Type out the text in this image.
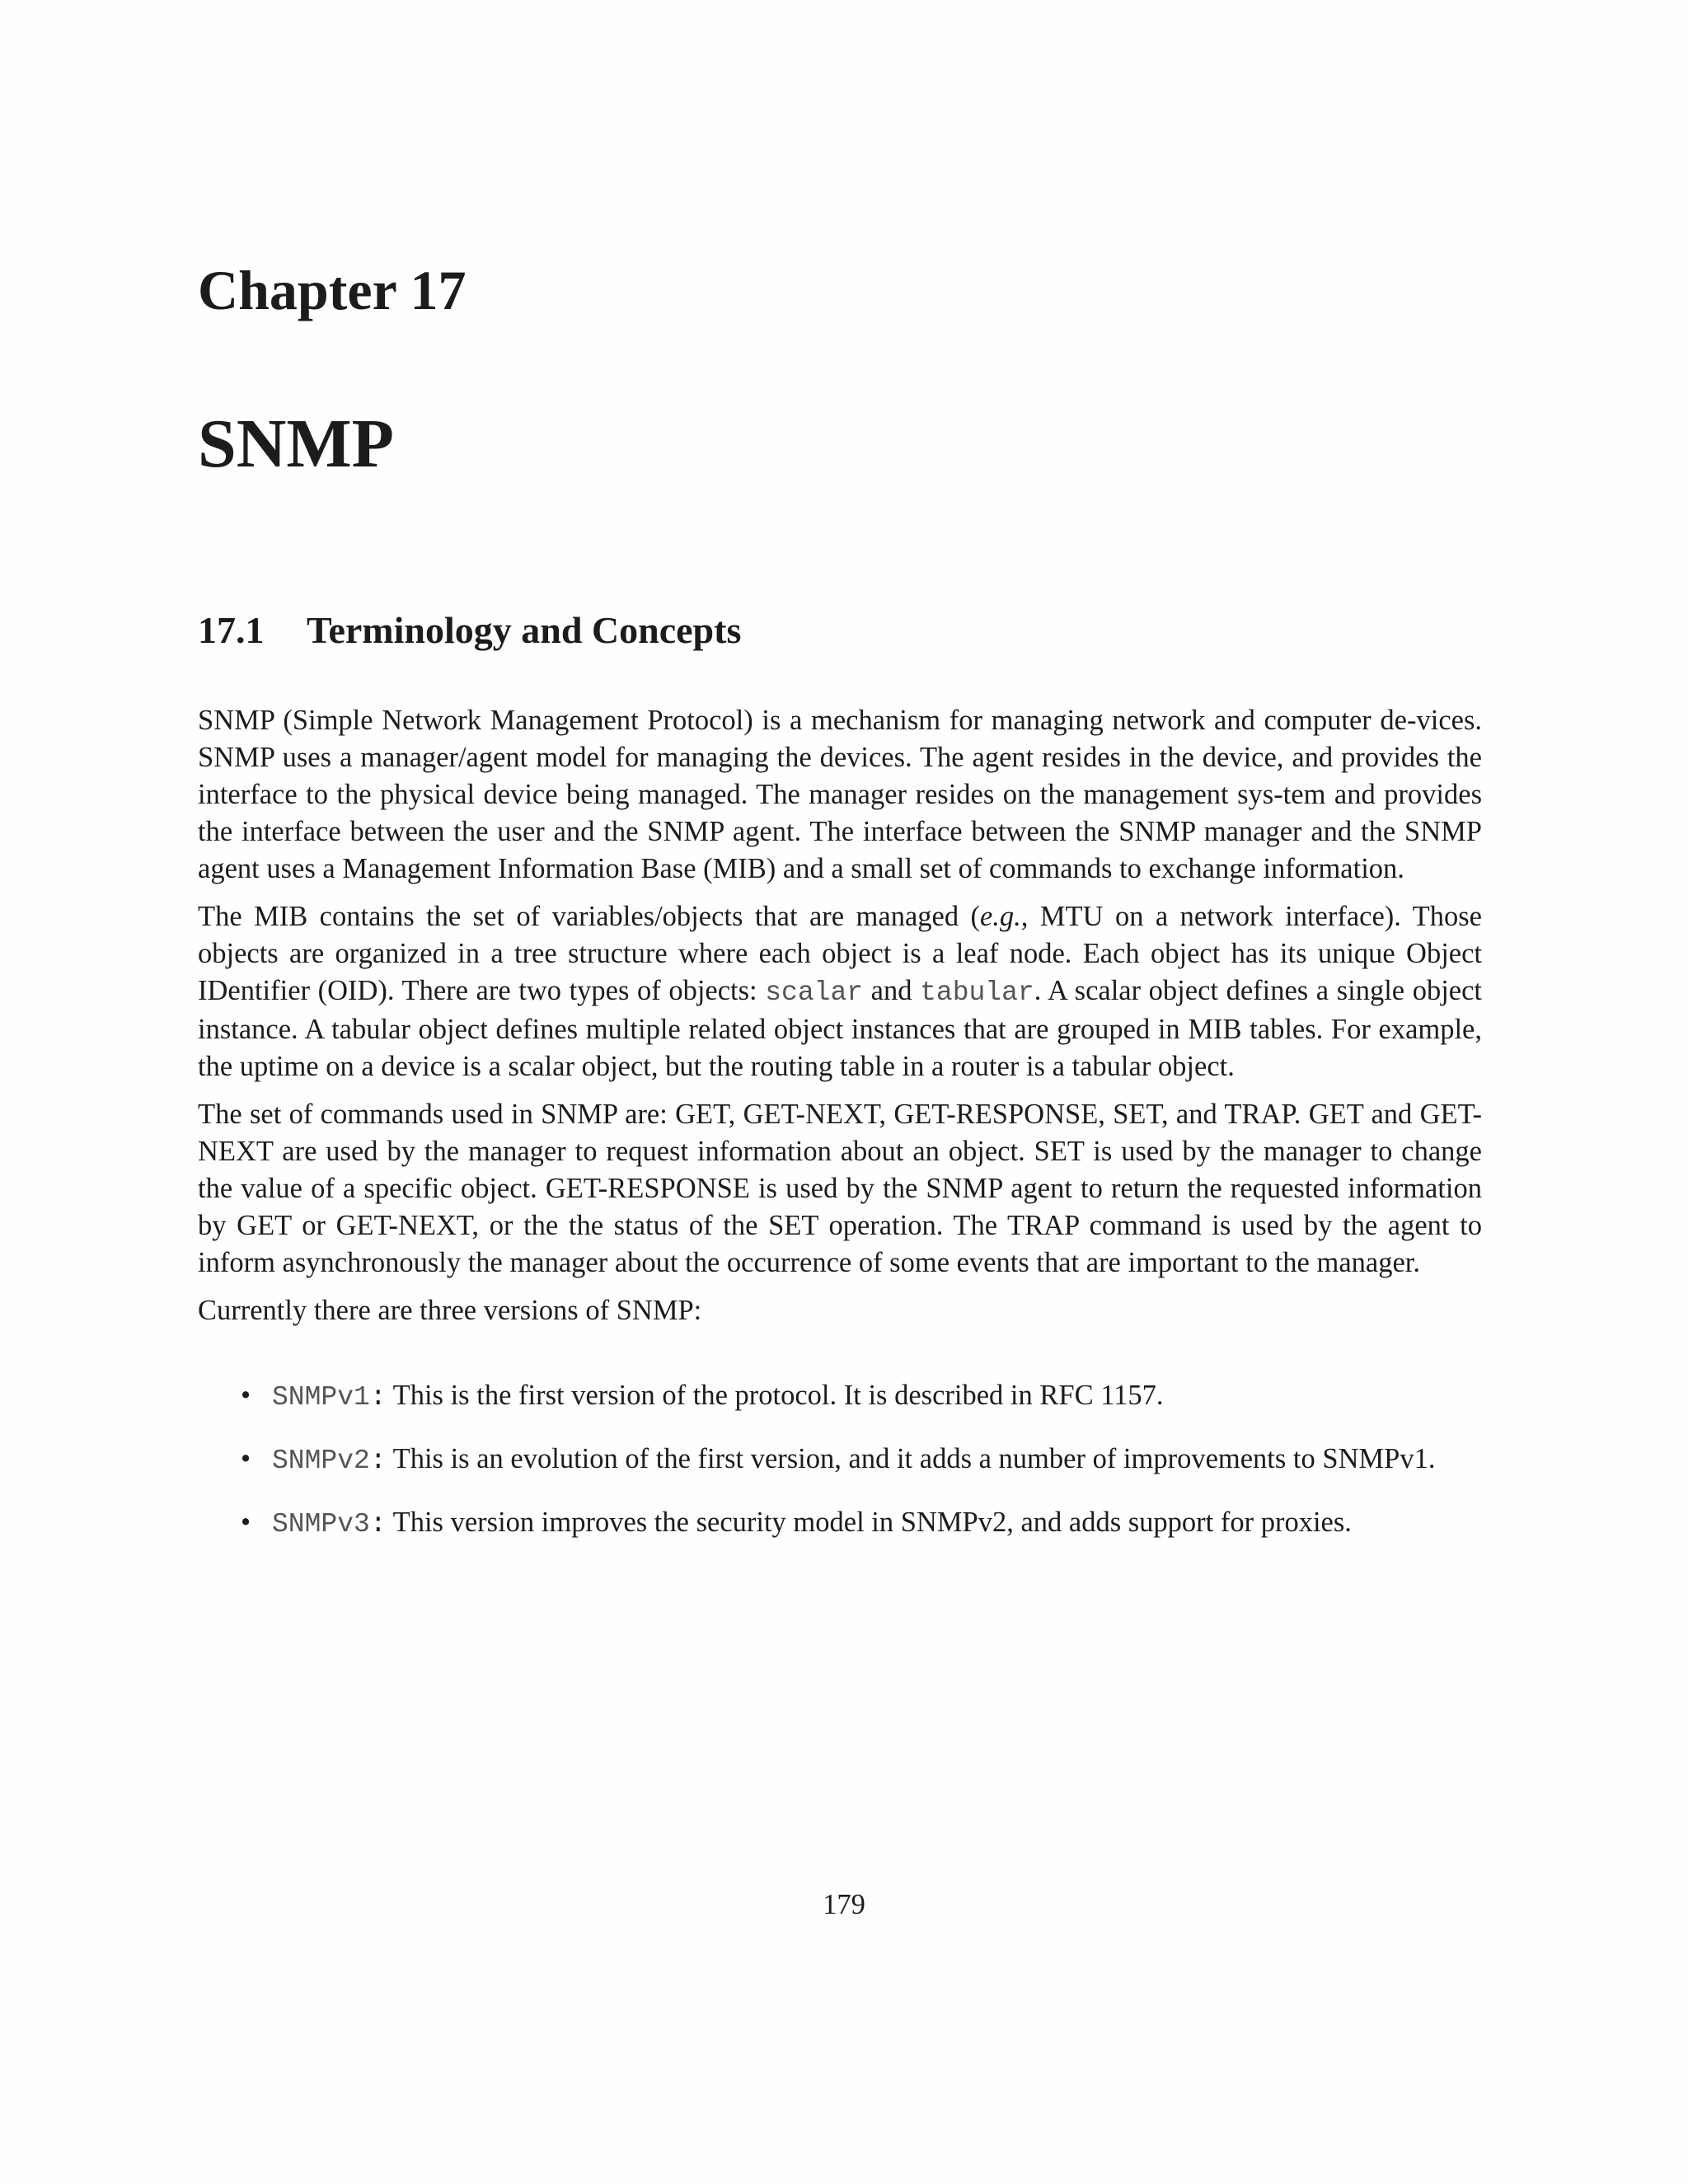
Chapter 17
SNMP
17.1 Terminology and Concepts

SNMP (Simple Network Management Protocol) is a mechanism for managing network and computer de-vices. SNMP uses a manager/agent model for managing the devices. The agent resides in the device, and provides the interface to the physical device being managed. The manager resides on the management sys-tem and provides the interface between the user and the SNMP agent. The interface between the SNMP manager and the SNMP agent uses a Management Information Base (MIB) and a small set of commands to exchange information.

The MIB contains the set of variables/objects that are managed (e.g., MTU on a network interface). Those objects are organized in a tree structure where each object is a leaf node. Each object has its unique Object IDentifier (OID). There are two types of objects: scalar and tabular. A scalar object defines a single object instance. A tabular object defines multiple related object instances that are grouped in MIB tables. For example, the uptime on a device is a scalar object, but the routing table in a router is a tabular object.

The set of commands used in SNMP are: GET, GET-NEXT, GET-RESPONSE, SET, and TRAP. GET and GET-NEXT are used by the manager to request information about an object. SET is used by the manager to change the value of a specific object. GET-RESPONSE is used by the SNMP agent to return the requested information by GET or GET-NEXT, or the the status of the SET operation. The TRAP command is used by the agent to inform asynchronously the manager about the occurrence of some events that are important to the manager.

Currently there are three versions of SNMP:

• SNMPv1: This is the first version of the protocol. It is described in RFC 1157.
• SNMPv2: This is an evolution of the first version, and it adds a number of improvements to SNMPv1.
• SNMPv3: This version improves the security model in SNMPv2, and adds support for proxies.

179
